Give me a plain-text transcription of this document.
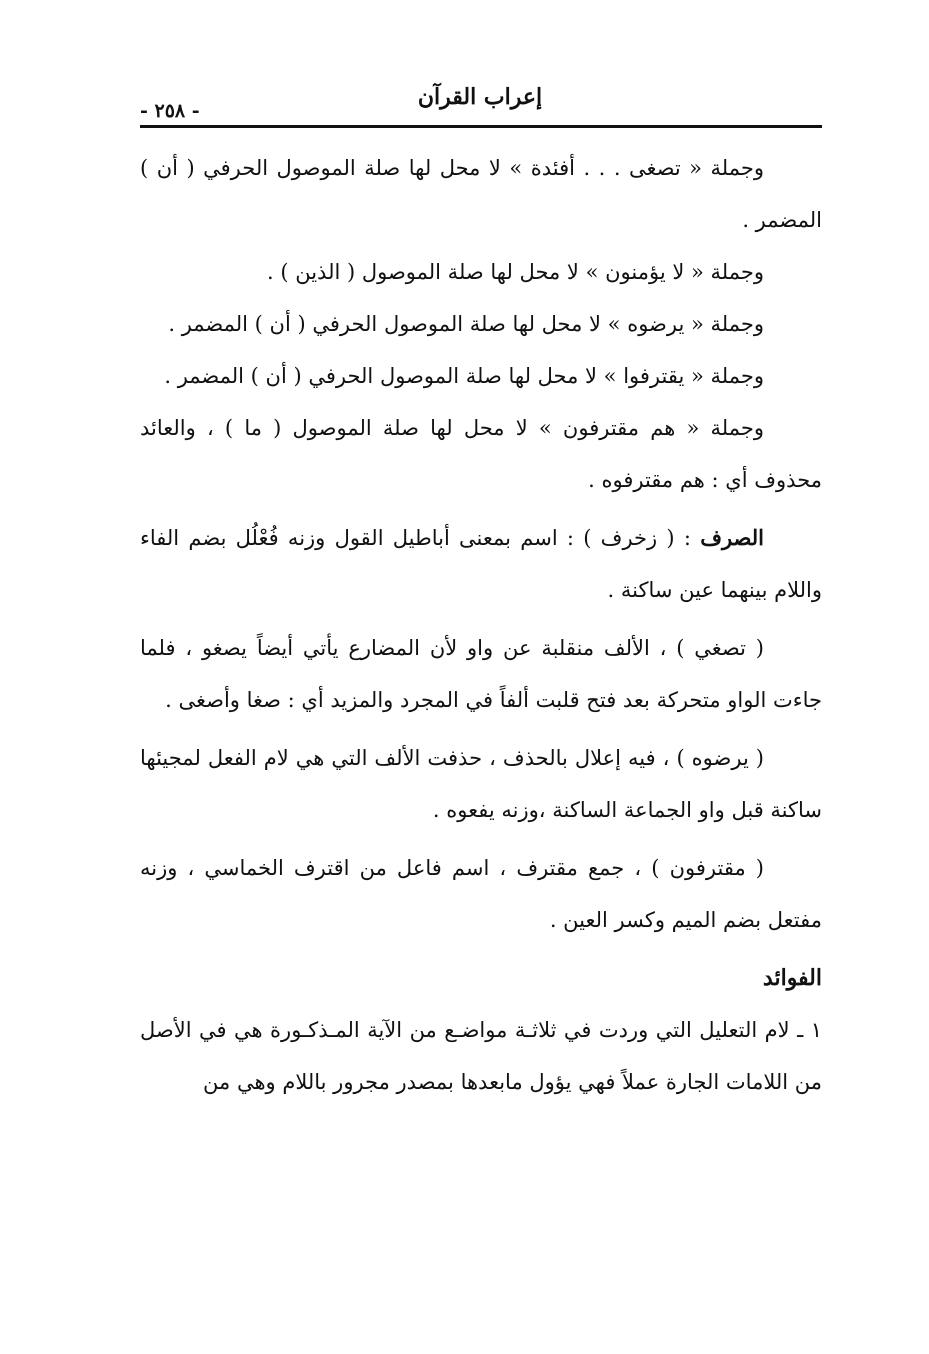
إعراب القرآن
- ٢٥٨ -

وجملة « تصغى . . . أفئدة » لا محل لها صلة الموصول الحرفي ( أن ) المضمر .

وجملة « لا يؤمنون » لا محل لها صلة الموصول ( الذين ) .

وجملة « يرضوه » لا محل لها صلة الموصول الحرفي ( أن ) المضمر .

وجملة « يقترفوا » لا محل لها صلة الموصول الحرفي ( أن ) المضمر .

وجملة « هم مقترفون » لا محل لها صلة الموصول ( ما ) ، والعائد محذوف أي : هم مقترفوه .

الصرف : ( زخرف ) : اسم بمعنى أباطيل القول وزنه فُعْلُل بضم الفاء واللام بينهما عين ساكنة .

( تصغي ) ، الألف منقلبة عن واو لأن المضارع يأتي أيضاً يصغو ، فلما جاءت الواو متحركة بعد فتح قلبت ألفاً في المجرد والمزيد أي : صغا وأصغى .

( يرضوه ) ، فيه إعلال بالحذف ، حذفت الألف التي هي لام الفعل لمجيئها ساكنة قبل واو الجماعة الساكنة ،وزنه يفعوه .

( مقترفون ) ، جمع مقترف ، اسم فاعل من اقترف الخماسي ، وزنه مفتعل بضم الميم وكسر العين .

الفوائد

١ ـ لام التعليل التي وردت في ثلاثـة مواضـع من الآية المـذكـورة هي في الأصل من اللامات الجارة عملاً فهي يؤول مابعدها بمصدر مجرور باللام وهي من
